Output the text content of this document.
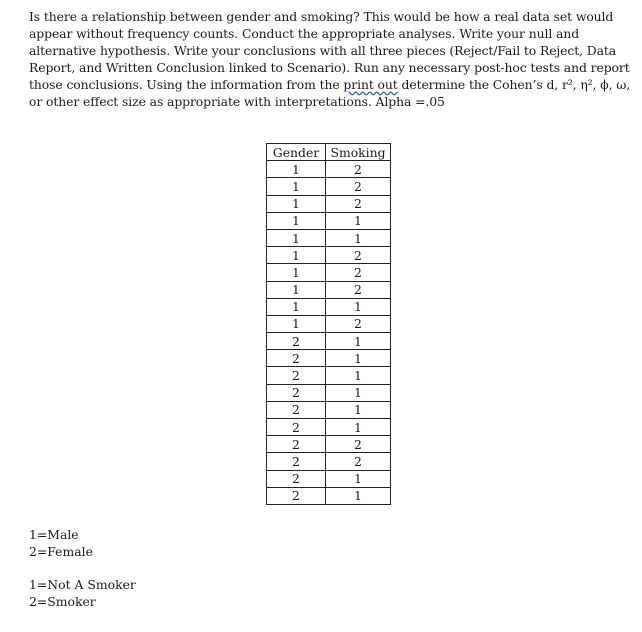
Is there a relationship between gender and smoking? This would be how a real data set would
appear without frequency counts. Conduct the appropriate analyses. Write your null and
alternative hypothesis. Write your conclusions with all three pieces (Reject/Fail to Reject, Data
Report, and Written Conclusion linked to Scenario). Run any necessary post-hoc tests and report
those conclusions. Using the information from the print out determine the Cohen’s d, r², η², ϕ, ω,
or other effect size as appropriate with interpretations. Alpha =.05
Gender	Smoking
1	2
1	2
1	2
1	1
1	1
1	2
1	2
1	2
1	1
1	2
2	1
2	1
2	1
2	1
2	1
2	1
2	2
2	2
2	1
2	1
1=Male
2=Female
1=Not A Smoker
2=Smoker
